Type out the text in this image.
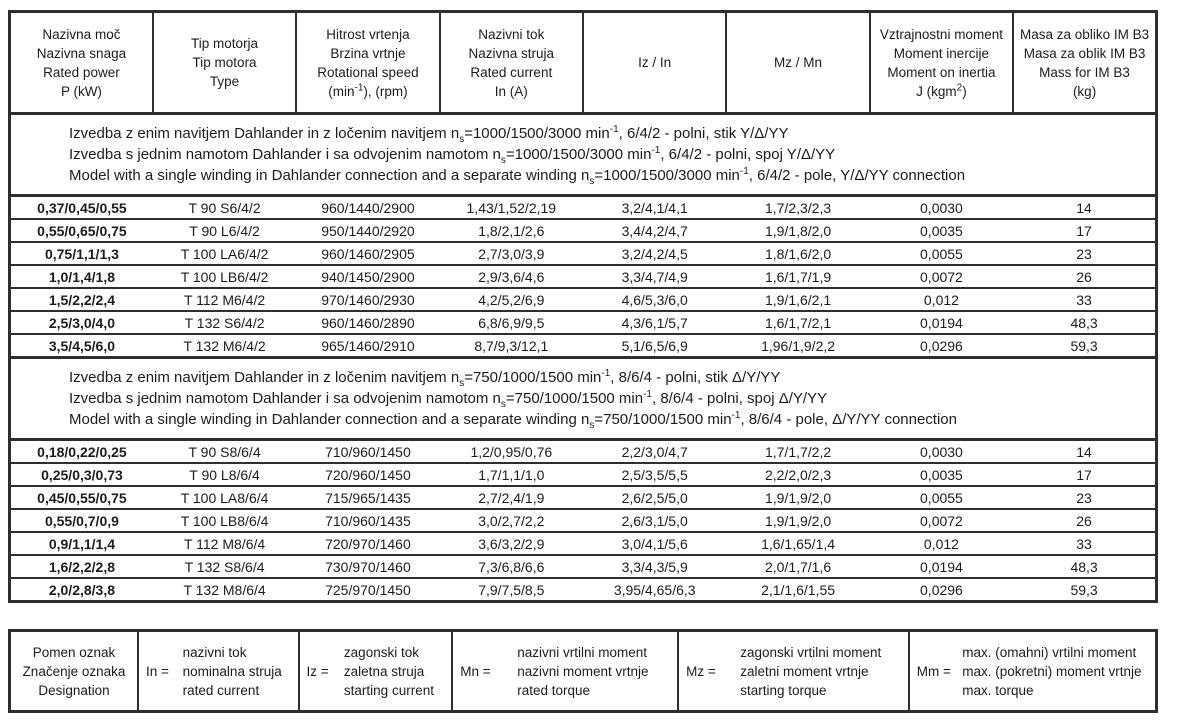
Nazivna moč
Nazivna snaga
Rated power
P (kW)

Tip motorja
Tip motora
Type

Hitrost vrtenja
Brzina vrtnje
Rotational speed
$(\min^{-1})$, (rpm)

Nazivni tok
Nazivna struja
Rated current
In (A)

Iz / In	Mz / Mn

Vztrajnostni moment
Moment inercije
Moment on inertia
J (kgm$^2$)

Masa za obliko IM B3
Masa za oblik IM B3
Mass for IM B3
(kg)

Izvedba z enim navitjem Dahlander in z ločenim navitjem $n_s=1000/1500/3000$ $\min^{-1}$, 6/4/2 - polni, stik Y/Δ/YY
Izvedba s jednim namotom Dahlander i sa odvojenim namotom $n_s=1000/1500/3000$ $\min^{-1}$, 6/4/2 - polni, spoj Y/Δ/YY
Model with a single winding in Dahlander connection and a separate winding $n_s=1000/1500/3000$ $\min^{-1}$, 6/4/2 - pole, Y/Δ/YY connection							

0,37/0,45/0,55	T 90 S6/4/2	960/1440/2900	1,43/1,52/2,19	3,2/4,1/4,1	1,7/2,3/2,3	0,0030	14
0,55/0,65/0,75	T 90 L6/4/2	950/1440/2920	1,8/2,1/2,6	3,4/4,2/4,7	1,9/1,8/2,0	0,0035	17
0,75/1,1/1,3	T 100 LA6/4/2	960/1460/2905	2,7/3,0/3,9	3,2/4,2/4,5	1,8/1,6/2,0	0,0055	23
1,0/1,4/1,8	T 100 LB6/4/2	940/1450/2900	2,9/3,6/4,6	3,3/4,7/4,9	1,6/1,7/1,9	0,0072	26
1,5/2,2/2,4	T 112 M6/4/2	970/1460/2930	4,2/5,2/6,9	4,6/5,3/6,0	1,9/1,6/2,1	0,012	33
2,5/3,0/4,0	T 132 S6/4/2	960/1460/2890	6,8/6,9/9,5	4,3/6,1/5,7	1,6/1,7/2,1	0,0194	48,3
3,5/4,5/6,0	T 132 M6/4/2	965/1460/2910	8,7/9,3/12,1	5,1/6,5/6,9	1,96/1,9/2,2	0,0296	59,3

Izvedba z enim navitjem Dahlander in z ločenim navitjem $n_s=750/1000/1500$ $\min^{-1}$, 8/6/4 - polni, stik Δ/Y/YY
Izvedba s jednim namotom Dahlander i sa odvojenim namotom $n_s=750/1000/1500$ $\min^{-1}$, 8/6/4 - polni, spoj Δ/Y/YY
Model with a single winding in Dahlander connection and a separate winding $n_s=750/1000/1500$ $\min^{-1}$, 8/6/4 - pole, Δ/Y/YY connection							

0,18/0,22/0,25	T 90 S8/6/4	710/960/1450	1,2/0,95/0,76	2,2/3,0/4,7	1,7/1,7/2,2	0,0030	14
0,25/0,3/0,73	T 90 L8/6/4	720/960/1450	1,7/1,1/1,0	2,5/3,5/5,5	2,2/2,0/2,3	0,0035	17
0,45/0,55/0,75	T 100 LA8/6/4	715/965/1435	2,7/2,4/1,9	2,6/2,5/5,0	1,9/1,9/2,0	0,0055	23
0,55/0,7/0,9	T 100 LB8/6/4	710/960/1435	3,0/2,7/2,2	2,6/3,1/5,0	1,9/1,9/2,0	0,0072	26
0,9/1,1/1,4	T 112 M8/6/4	720/970/1460	3,6/3,2/2,9	3,0/4,1/5,6	1,6/1,65/1,4	0,012	33
1,6/2,2/2,8	T 132 S8/6/4	730/970/1460	7,3/6,8/6,6	3,3/4,3/5,9	2,0/1,7/1,6	0,0194	48,3
2,0/2,8/3,8	T 132 M8/6/4	725/970/1450	7,9/7,5/8,5	3,95/4,65/6,3	2,1/1,6/1,55	0,0296	59,3
Pomen oznak
Značenje oznaka
Designation

In =
nazivni tok
nominalna struja
rated current

Iz =
zagonski tok
zaletna struja
starting current

Mn =
nazivni vrtilni moment
nazivni moment vrtnje
rated torque

Mz =
zagonski vrtilni moment
zaletni moment vrtnje
starting torque

Mm =
max. (omahni) vrtilni moment
max. (pokretni) moment vrtnje
max. torque
